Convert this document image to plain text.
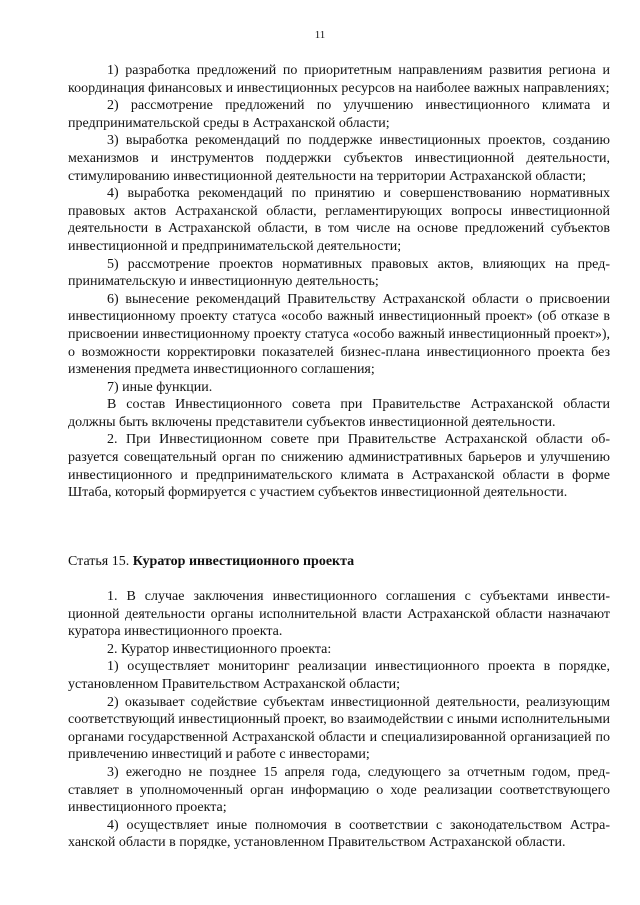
11

1) разработка предложений по приоритетным направлениям развития региона и координация финансовых и инвестиционных ресурсов на наиболее важных направлениях;

2) рассмотрение предложений по улучшению инвестиционного климата и предпринимательской среды в Астраханской области;

3) выработка рекомендаций по поддержке инвестиционных проектов, созданию механизмов и инструментов поддержки субъектов инвестиционной деятельности, стимулированию инвестиционной деятельности на территории Астраханской области;

4) выработка рекомендаций по принятию и совершенствованию нормативных правовых актов Астраханской области, регламентирующих вопросы инвестиционной деятельности в Астраханской области, в том числе на основе предложений субъектов инвестиционной и предпринимательской деятельности;

5) рассмотрение проектов нормативных правовых актов, влияющих на предпринимательскую и инвестиционную деятельность;

6) вынесение рекомендаций Правительству Астраханской области о присвоении инвестиционному проекту статуса «особо важный инвестиционный проект» (об отказе в присвоении инвестиционному проекту статуса «особо важный инвестиционный проект»), о возможности корректировки показателей бизнес-плана инвестиционного проекта без изменения предмета инвестиционного соглашения;

7) иные функции.

В состав Инвестиционного совета при Правительстве Астраханской области должны быть включены представители субъектов инвестиционной деятельности.

2. При Инвестиционном совете при Правительстве Астраханской области образуется совещательный орган по снижению административных барьеров и улучшению инвестиционного и предпринимательского климата в Астраханской области в форме Штаба, который формируется с участием субъектов инвестиционной деятельности.

Статья 15. Куратор инвестиционного проекта

1. В случае заключения инвестиционного соглашения с субъектами инвестиционной деятельности органы исполнительной власти Астраханской области назначают куратора инвестиционного проекта.

2. Куратор инвестиционного проекта:

1) осуществляет мониторинг реализации инвестиционного проекта в порядке, установленном Правительством Астраханской области;

2) оказывает содействие субъектам инвестиционной деятельности, реализующим соответствующий инвестиционный проект, во взаимодействии с иными исполнительными органами государственной Астраханской области и специализированной организацией по привлечению инвестиций и работе с инвесторами;

3) ежегодно не позднее 15 апреля года, следующего за отчетным годом, представляет в уполномоченный орган информацию о ходе реализации соответствующего инвестиционного проекта;

4) осуществляет иные полномочия в соответствии с законодательством Астраханской области в порядке, установленном Правительством Астраханской области.
